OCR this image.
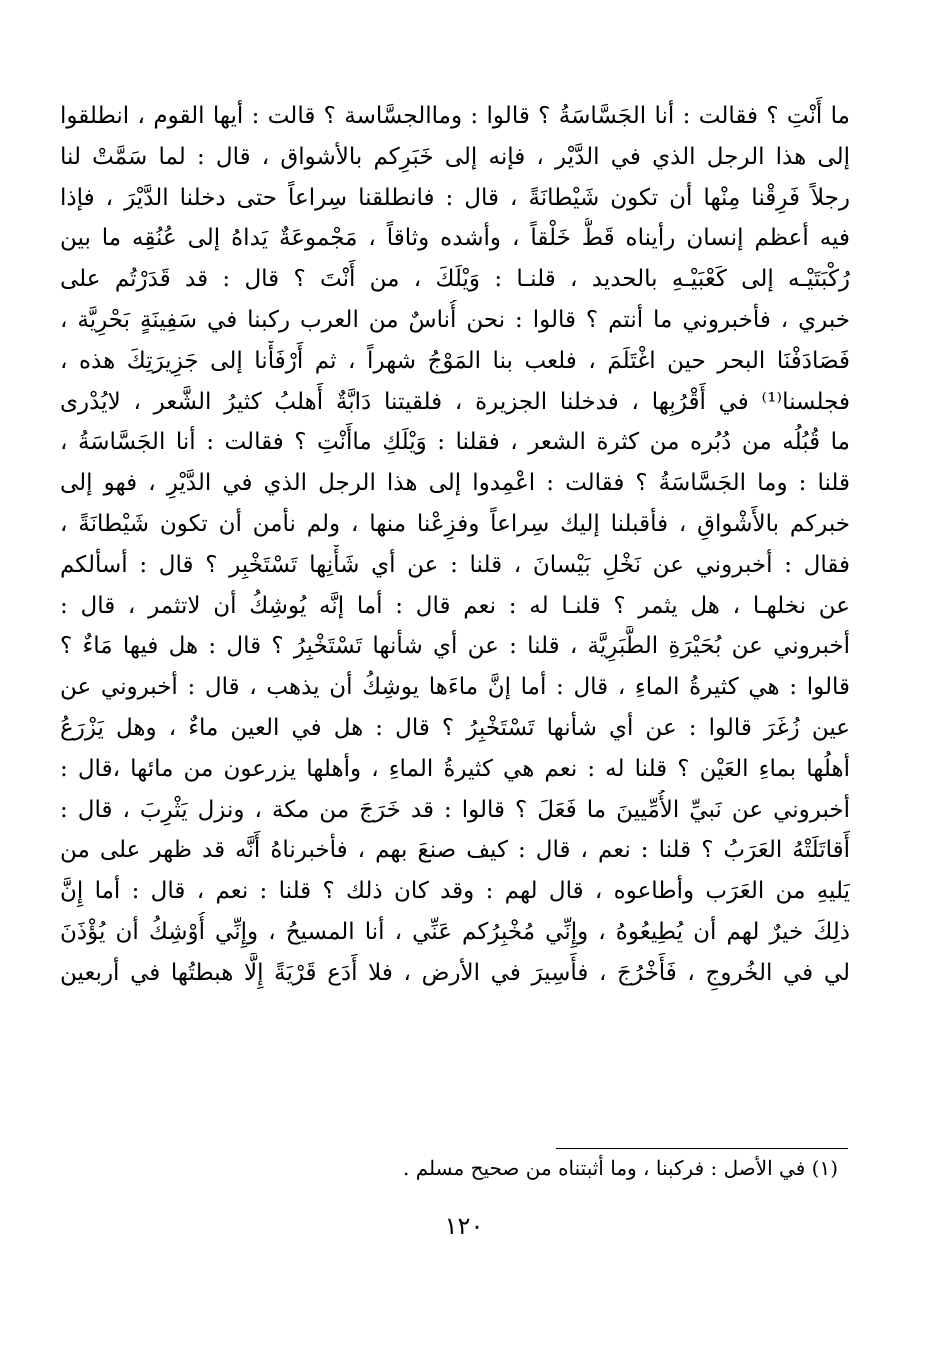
ما أَنْتِ ؟ فقالت : أنا الجَسَّاسَةُ ؟ قالوا : وماالجسَّاسة ؟ قالت : أيها القوم ، انطلقوا
إلى هذا الرجل الذي في الدَّيْر ، فإنه إلى خَبَرِكم بالأشواق ، قال : لما سَمَّتْ لنا
رجلاً فَرِقْنا مِنْها أن تكون شَيْطانَةً ، قال : فانطلقنا سِراعاً حتى دخلنا الدَّيْرَ ، فإذا
فيه أعظم إنسان رأيناه قَطُّ خَلْقاً ، وأشده وثاقاً ، مَجْموعَةٌ يَداهُ إلى عُنُقِه ما بين
رُكْبَتَيْـه إلى كَعْبَيْـهِ بالحديد ، قلنـا : وَيْلَكَ ، من أَنْتَ ؟ قال : قد قَدَرْتُم على
خبري ، فأخبروني ما أنتم ؟ قالوا : نحن أُناسٌ من العرب ركبنا في سَفِينَةٍ بَحْرِيَّة ،
فَصَادَفْنَا البحر حين اغْتَلَمَ ، فلعب بنا المَوْجُ شهراً ، ثم أَرْفَأْنا إلى جَزِيرَتِكَ هذه ،
فجلسنا⁽¹⁾ في أَقْرُبِها ، فدخلنا الجزيرة ، فلقيتنا دَابَّةٌ أَهلبُ كثيرُ الشَّعر ، لايُدْرى
ما قُبُلُه من دُبُره من كثرة الشعر ، فقلنا : وَيْلَكِ ماأَنْتِ ؟ فقالت : أنا الجَسَّاسَةُ ،
قلنا : وما الجَسَّاسَةُ ؟ فقالت : اعْمِدوا إلى هذا الرجل الذي في الدَّيْرِ ، فهو إلى
خبركم بالأَشْواقِ ، فأقبلنا إليك سِراعاً وفزِعْنا منها ، ولم نأمن أن تكون شَيْطانَةً ،
فقال : أخبروني عن نَخْلِ بَيْسانَ ، قلنا : عن أي شَأْنِها تَسْتَخْبِر ؟ قال : أسألكم
عن نخلهـا ، هل يثمر ؟ قلنـا له : نعم قال : أما إنَّه يُوشِكُ أن لاتثمر ، قال :
أخبروني عن بُحَيْرَةِ الطَّبَرِيَّة ، قلنا : عن أي شأنها تَسْتَخْبِرُ ؟ قال : هل فيها مَاءٌ ؟
قالوا : هي كثيرةُ الماءِ ، قال : أما إنَّ ماءَها يوشِكُ أن يذهب ، قال : أخبروني عن
عين زُغَرَ قالوا : عن أي شأنها تَسْتَخْبِرُ ؟ قال : هل في العين ماءٌ ، وهل يَزْرَعُ
أهلُها بماءِ العَيْن ؟ قلنا له : نعم هي كثيرةُ الماءِ ، وأهلها يزرعون من مائها ،قال :
أخبروني عن نَبيِّ الأُمِّيينَ ما فَعَلَ ؟ قالوا : قد خَرَجَ من مكة ، ونزل يَثْرِبَ ، قال :
أَقاتَلَتْهُ العَرَبُ ؟ قلنا : نعم ، قال : كيف صنعَ بهم ، فأخبرناهُ أَنَّه قد ظهر على من
يَليهِ من العَرَب وأطاعوه ، قال لهم : وقد كان ذلك ؟ قلنا : نعم ، قال : أما إِنَّ
ذلِكَ خيرٌ لهم أن يُطِيعُوهُ ، وإِنِّي مُخْبِرُكم عَنِّي ، أنا المسيحُ ، وإِنِّي أُوْشِكُ أن يُؤْذَنَ
لي في الخُروجِ ، فَأَخْرُجَ ، فأَسِيرَ في الأرض ، فلا أَدَع قَرْيَةً إِلَّا هبطتُها في أربعين
(١) في الأصل : فركبنا ، وما أثبتناه من صحيح مسلم .
١٢٠
